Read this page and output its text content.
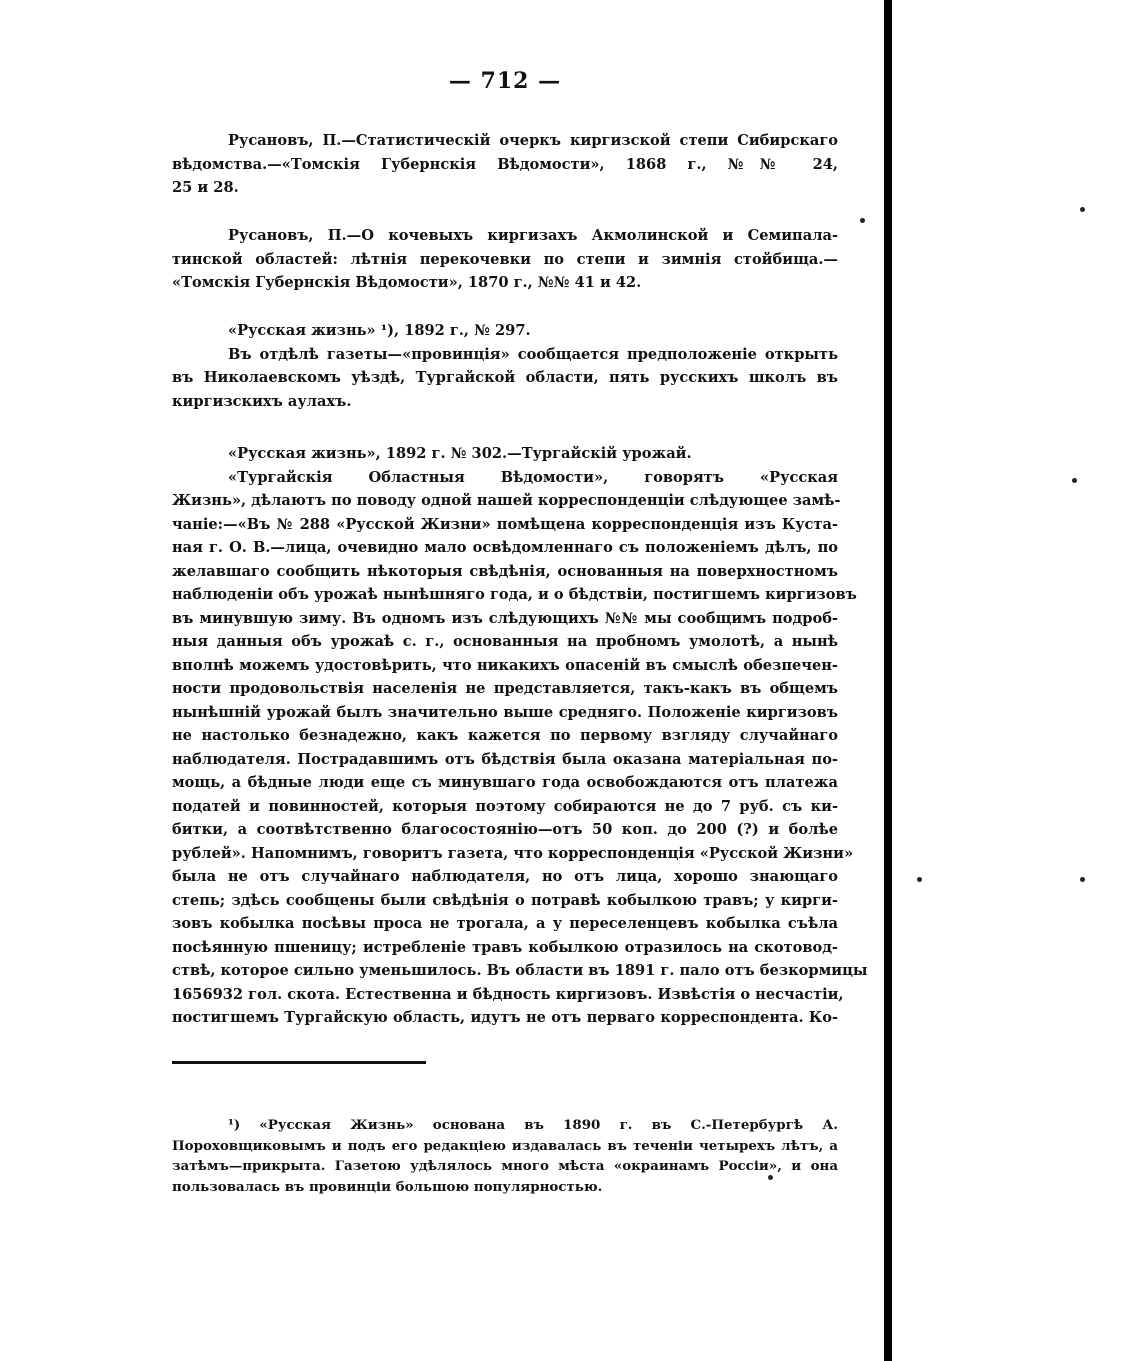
— 712 —
Русановъ, П.—Статистическій очеркъ киргизской степи Сибирскаго
вѣдомства.—«Томскія Губернскія Вѣдомости», 1868 г., №№ 24,
25 и 28.
Русановъ, П.—О кочевыхъ киргизахъ Акмолинской и Семипала-
тинской областей: лѣтнія перекочевки по степи и зимнія стойбища.—
«Томскія Губернскія Вѣдомости», 1870 г., №№ 41 и 42.
«Русская жизнь» ¹), 1892 г., № 297.
Въ отдѣлѣ газеты—«провинція» сообщается предположеніе открыть
въ Николаевскомъ уѣздѣ, Тургайской области, пять русскихъ школъ въ
киргизскихъ аулахъ.
«Русская жизнь», 1892 г. № 302.—Тургайскій урожай.
«Тургайскія Областныя Вѣдомости», говорятъ «Русская
Жизнь», дѣлаютъ по поводу одной нашей корреспонденціи слѣдующее замѣ-
чаніе:—«Въ № 288 «Русской Жизни» помѣщена корреспонденція изъ Куста-
ная г. О. В.—лица, очевидно мало освѣдомленнаго съ положеніемъ дѣлъ, по
желавшаго сообщить нѣкоторыя свѣдѣнія, основанныя на поверхностномъ
наблюденіи объ урожаѣ нынѣшняго года, и о бѣдствіи, постигшемъ киргизовъ
въ минувшую зиму. Въ одномъ изъ слѣдующихъ №№ мы сообщимъ подроб-
ныя данныя объ урожаѣ с. г., основанныя на пробномъ умолотѣ, а нынѣ
вполнѣ можемъ удостовѣрить, что никакихъ опасеній въ смыслѣ обезпечен-
ности продовольствія населенія не представляется, такъ-какъ въ общемъ
нынѣшній урожай былъ значительно выше средняго. Положеніе киргизовъ
не настолько безнадежно, какъ кажется по первому взгляду случайнаго
наблюдателя. Пострадавшимъ отъ бѣдствія была оказана матеріальная по-
мощь, а бѣдные люди еще съ минувшаго года освобождаются отъ платежа
податей и повинностей, которыя поэтому собираются не до 7 руб. съ ки-
битки, а соотвѣтственно благосостоянію—отъ 50 коп. до 200 (?) и болѣе
рублей». Напомнимъ, говоритъ газета, что корреспонденція «Русской Жизни»
была не отъ случайнаго наблюдателя, но отъ лица, хорошо знающаго
степь; здѣсь сообщены были свѣдѣнія о потравѣ кобылкою травъ; у кирги-
зовъ кобылка посѣвы проса не трогала, а у переселенцевъ кобылка съѣла
посѣянную пшеницу; истребленіе травъ кобылкою отразилось на скотовод-
ствѣ, которое сильно уменьшилось. Въ области въ 1891 г. пало отъ безкормицы
1656932 гол. скота. Естественна и бѣдность киргизовъ. Извѣстія о несчастіи,
постигшемъ Тургайскую область, идутъ не отъ перваго корреспондента. Ко-

¹) «Русская Жизнь» основана въ 1890 г. въ С.-Петербургѣ А. Пороховщиковымъ и подъ его редакціею издавалась въ теченіи четырехъ лѣтъ, а затѣмъ—прикрыта. Газетою удѣлялось много мѣста «окраинамъ Россіи», и она пользовалась въ провинціи большою популярностью.
